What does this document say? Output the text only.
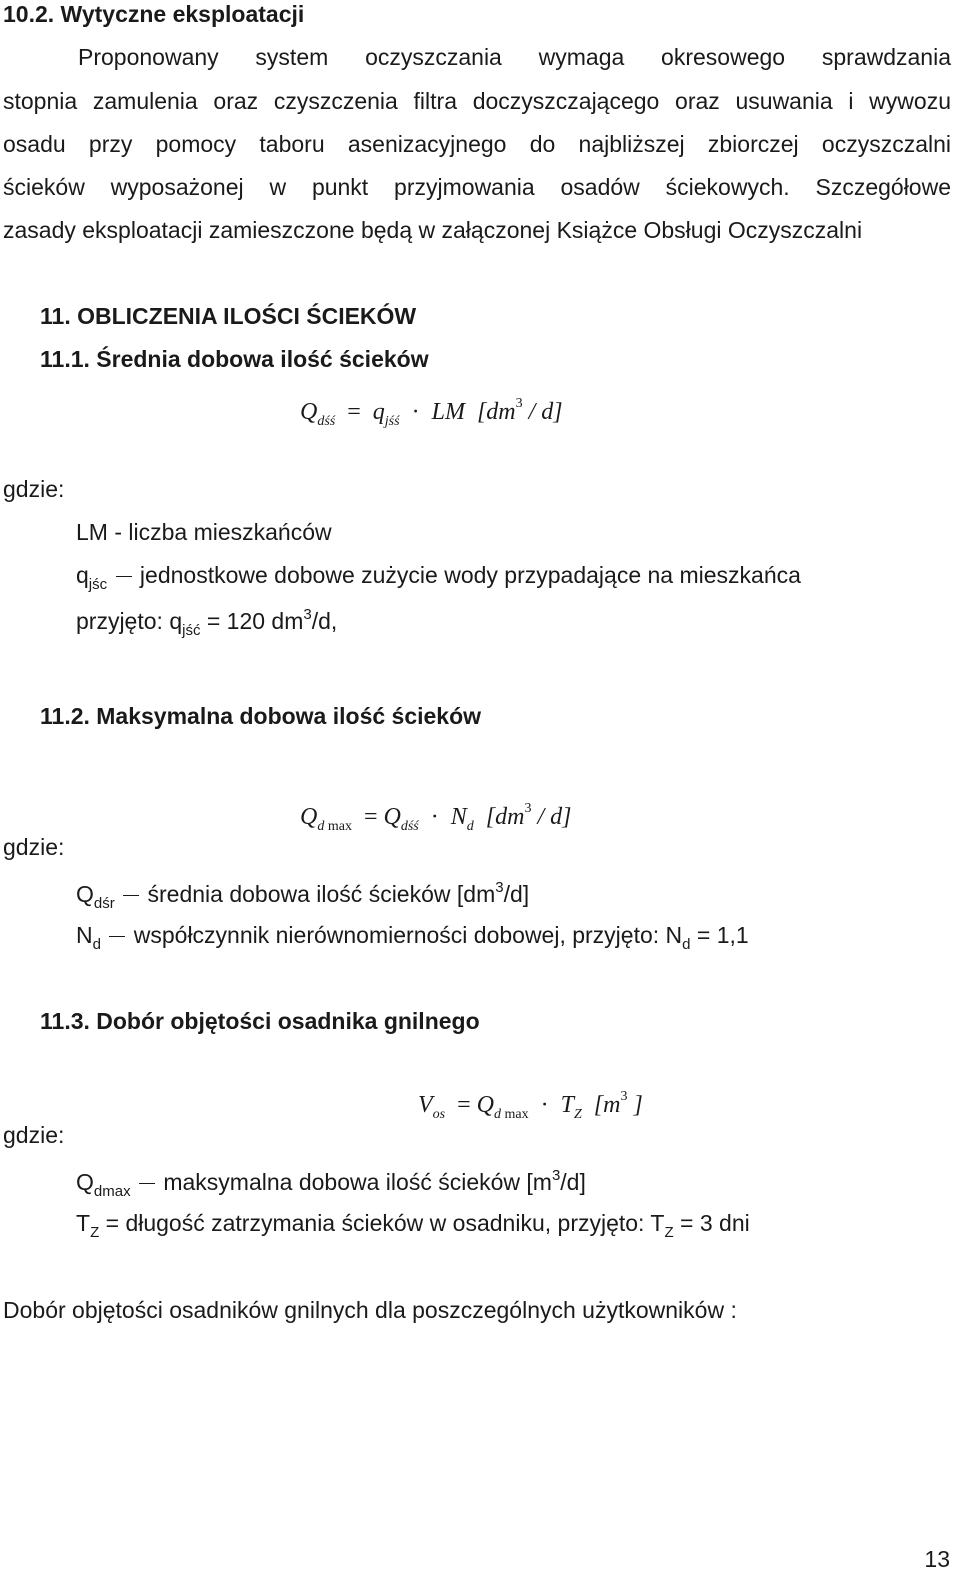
10.2. Wytyczne eksploatacji
Proponowany system oczyszczania wymaga okresowego sprawdzania
stopnia zamulenia oraz czyszczenia filtra doczyszczającego oraz usuwania i wywozu
osadu przy pomocy taboru asenizacyjnego do najbliższej zbiorczej oczyszczalni
ścieków wyposażonej w punkt przyjmowania osadów ściekowych. Szczegółowe
zasady eksploatacji zamieszczone będą w załączonej Książce Obsługi Oczyszczalni
11. OBLICZENIA ILOŚCI ŚCIEKÓW
11.1. Średnia dobowa ilość ścieków
$Q_{dśś} = q_{jśś}$ · LM $[dm^3 / d]$
gdzie:
LM - liczba mieszkańców
$q_{jśc}$ jednostkowe dobowe zużycie wody przypadające na mieszkańca
przyjęto: $q_{jść} = 120$ $dm^3/d$,
11.2. Maksymalna dobowa ilość ścieków
$Q_d$ $_{max} = Q_{dśś} \cdot N_d$ $[dm^3 / d]$
gdzie:
$Q_{dśr}$ średnia dobowa ilość ścieków $[dm^3/d]$
$N_d$ współczynnik nierównomierności dobowej, przyjęto: $N_d = 1,1$
11.3. Dobór objętości osadnika gnilnego
$V_{os} = Q_d$ $_{max} \cdot T_Z$ [$m^3$ ]
gdzie:
$Q_{dmax}$ maksymalna dobowa ilość ścieków $[m^3/d]$
$T_Z$ = długość zatrzymania ścieków w osadniku, przyjęto: $T_Z = 3$ dni
Dobór objętości osadników gnilnych dla poszczególnych użytkowników :
13
